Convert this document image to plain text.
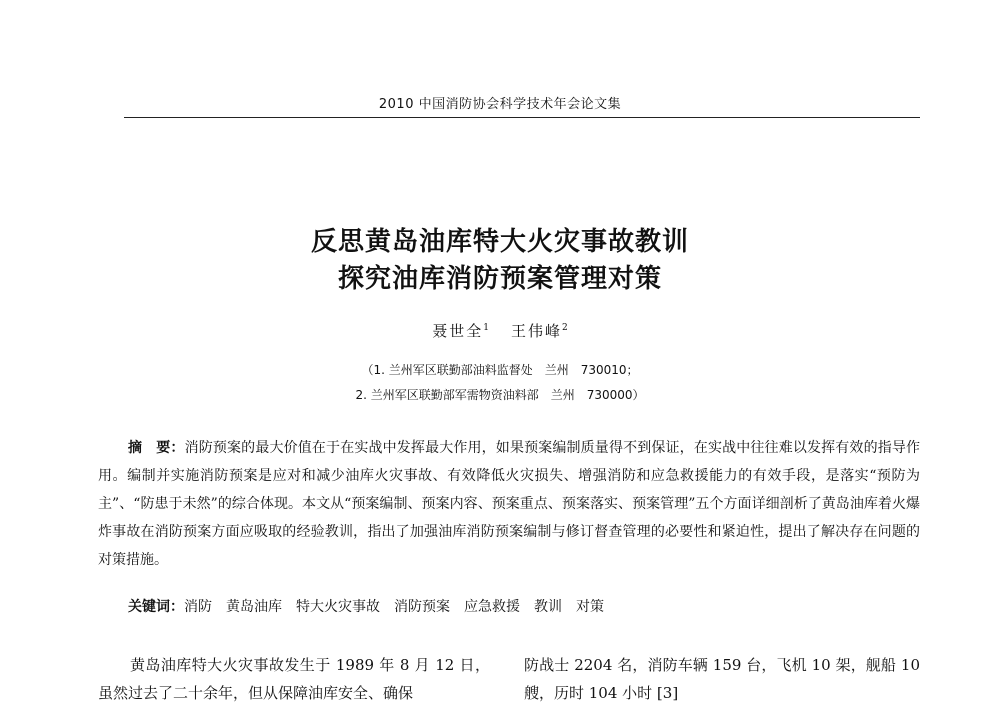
2010 中国消防协会科学技术年会论文集
反思黄岛油库特大火灾事故教训
探究油库消防预案管理对策
聂世全$^1$ 王伟峰$^2$
（1. 兰州军区联勤部油料监督处　兰州　730010；
2. 兰州军区联勤部军需物资油料部　兰州　730000）

摘　要：消防预案的最大价值在于在实战中发挥最大作用，如果预案编制质量得不到保证，在实战中往往难以发挥有效的指导作用。编制并实施消防预案是应对和减少油库火灾事故、有效降低火灾损失、增强消防和应急救援能力的有效手段，是落实“预防为主”、“防患于未然”的综合体现。本文从“预案编制、预案内容、预案重点、预案落实、预案管理”五个方面详细剖析了黄岛油库着火爆炸事故在消防预案方面应吸取的经验教训，指出了加强油库消防预案编制与修订督查管理的必要性和紧迫性，提出了解决存在问题的对策措施。

关键词：消防 黄岛油库 特大火灾事故 消防预案 应急救援 教训 对策

黄岛油库特大火灾事故发生于 1989 年 8 月 12 日，虽然过去了二十余年，但从保障油库安全、确保

防战士 2204 名，消防车辆 159 台，飞机 10 架，舰船 10 艘，历时 104 小时 [3]
